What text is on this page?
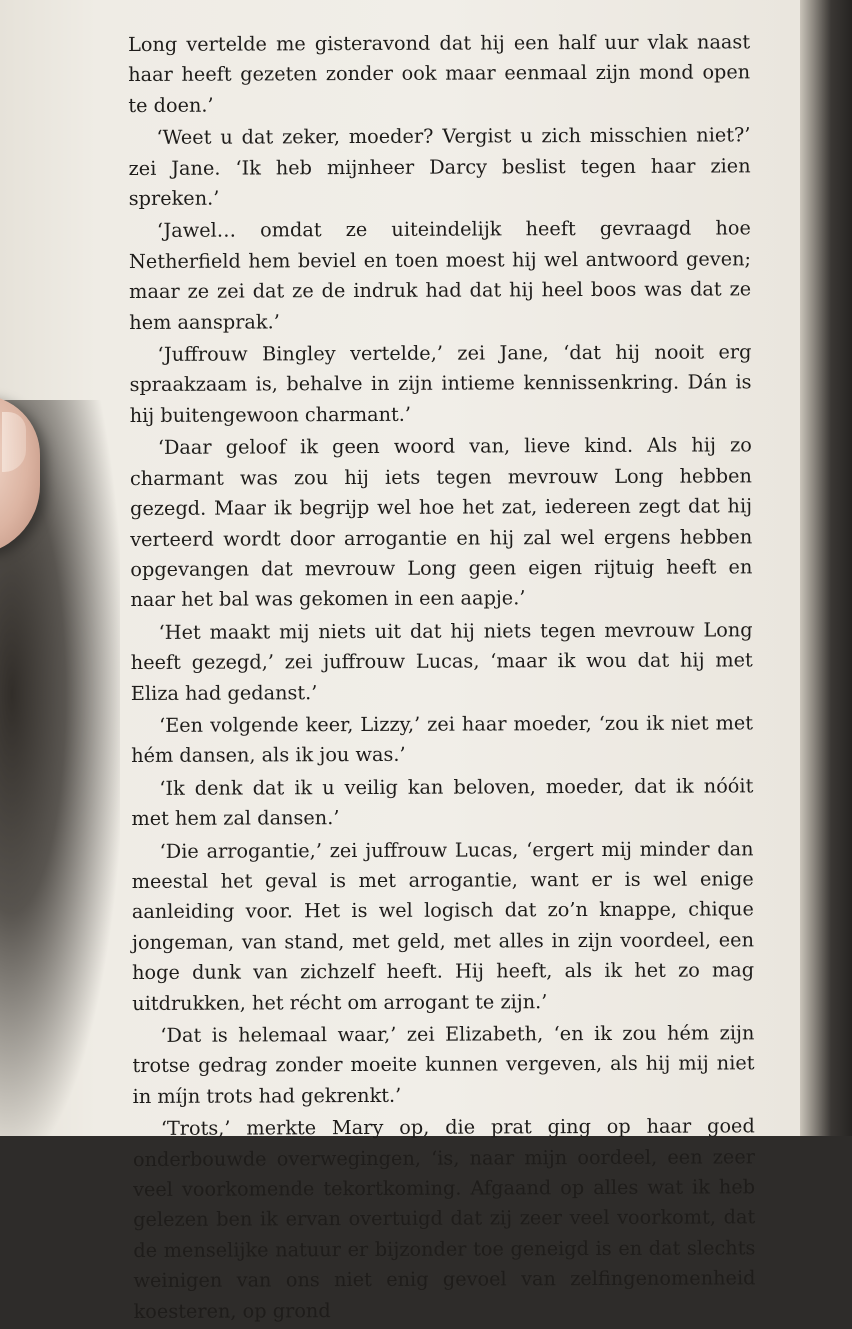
Long vertelde me gisteravond dat hij een half uur vlak naast haar heeft gezeten zonder ook maar eenmaal zijn mond open te doen.’

‘Weet u dat zeker, moeder? Vergist u zich misschien niet?’ zei Jane. ‘Ik heb mijnheer Darcy beslist tegen haar zien spreken.’

‘Jawel… omdat ze uiteindelijk heeft gevraagd hoe Netherfield hem beviel en toen moest hij wel antwoord geven; maar ze zei dat ze de indruk had dat hij heel boos was dat ze hem aansprak.’

‘Juffrouw Bingley vertelde,’ zei Jane, ‘dat hij nooit erg spraakzaam is, behalve in zijn intieme kennissenkring. Dán is hij buitengewoon charmant.’

‘Daar geloof ik geen woord van, lieve kind. Als hij zo charmant was zou hij iets tegen mevrouw Long hebben gezegd. Maar ik begrijp wel hoe het zat, iedereen zegt dat hij verteerd wordt door arrogantie en hij zal wel ergens hebben opgevangen dat mevrouw Long geen eigen rijtuig heeft en naar het bal was gekomen in een aapje.’

‘Het maakt mij niets uit dat hij niets tegen mevrouw Long heeft gezegd,’ zei juffrouw Lucas, ‘maar ik wou dat hij met Eliza had gedanst.’

‘Een volgende keer, Lizzy,’ zei haar moeder, ‘zou ik niet met hém dansen, als ik jou was.’

‘Ik denk dat ik u veilig kan beloven, moeder, dat ik nóóit met hem zal dansen.’

‘Die arrogantie,’ zei juffrouw Lucas, ‘ergert mij minder dan meestal het geval is met arrogantie, want er is wel enige aanleiding voor. Het is wel logisch dat zo’n knappe, chique jongeman, van stand, met geld, met alles in zijn voordeel, een hoge dunk van zichzelf heeft. Hij heeft, als ik het zo mag uitdrukken, het récht om arrogant te zijn.’

‘Dat is helemaal waar,’ zei Elizabeth, ‘en ik zou hém zijn trotse gedrag zonder moeite kunnen vergeven, als hij mij niet in míjn trots had gekrenkt.’

‘Trots,’ merkte Mary op, die prat ging op haar goed onderbouwde overwegingen, ‘is, naar mijn oordeel, een zeer veel voorkomende tekortkoming. Afgaand op alles wat ik heb gelezen ben ik ervan overtuigd dat zij zeer veel voorkomt, dat de menselijke natuur er bijzonder toe geneigd is en dat slechts weinigen van ons niet enig gevoel van zelfingenomenheid koesteren, op grond
